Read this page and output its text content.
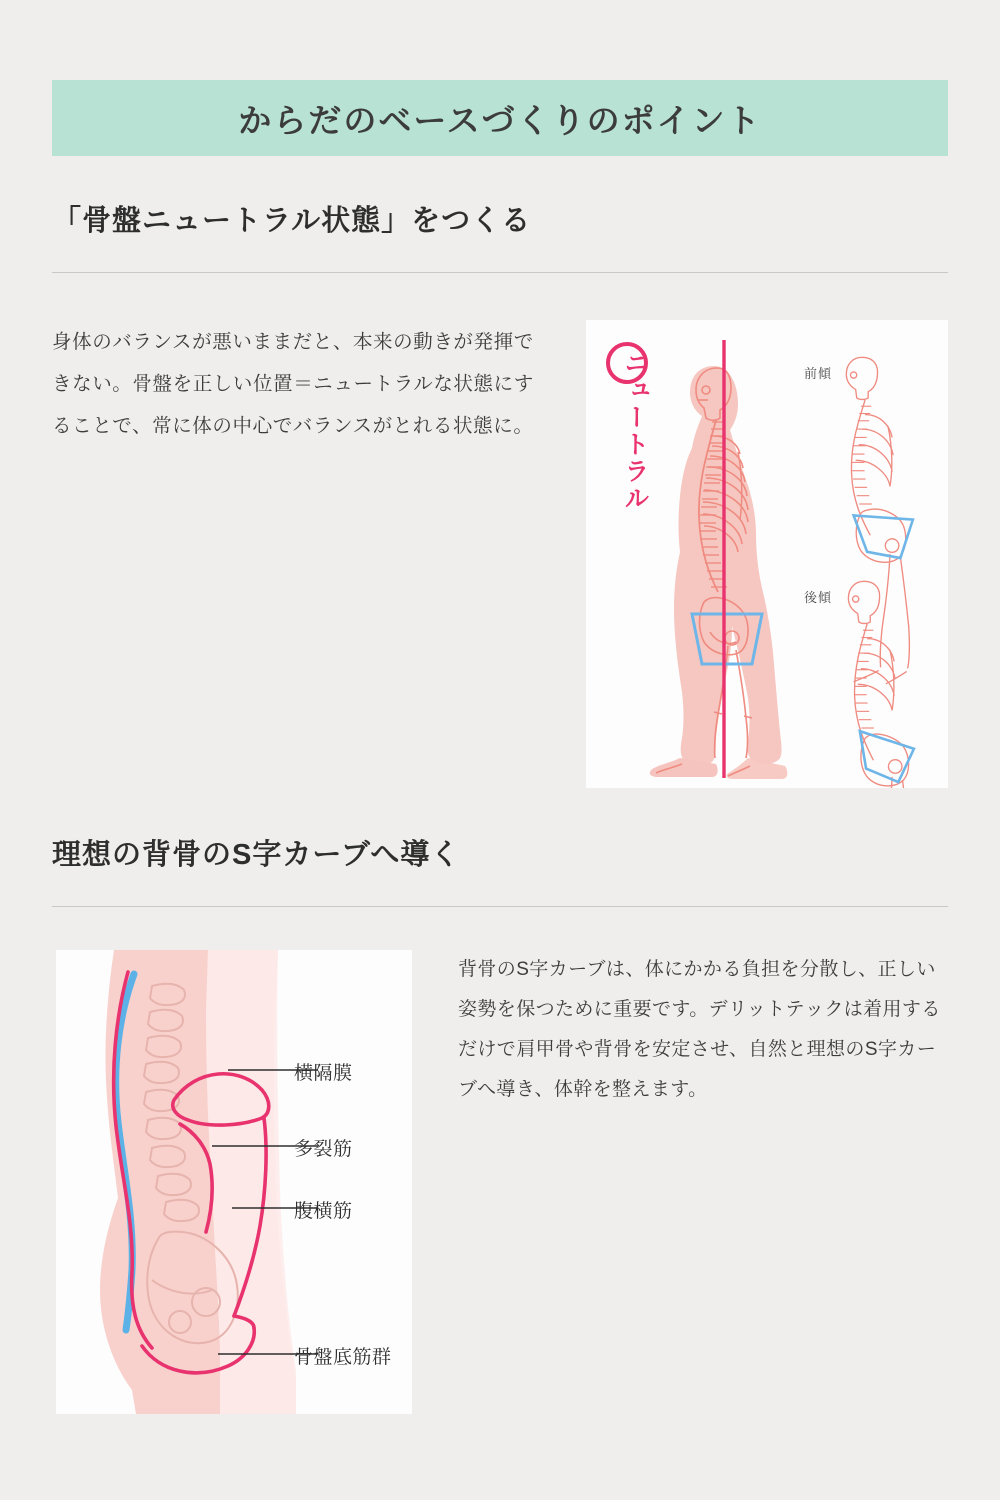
からだのベースづくりのポイント
「骨盤ニュートラル状態」をつくる
身体のバランスが悪いままだと、本来の動きが発揮できない。骨盤を正しい位置＝ニュートラルな状態にすることで、常に体の中心でバランスがとれる状態に。	ニュートラル	前傾
後傾
理想の背骨のS字カーブへ導く
横隔膜
多裂筋
腹横筋
骨盤底筋群
背骨のS字カーブは、体にかかる負担を分散し、正しい姿勢を保つために重要です。デリットテックは着用するだけで肩甲骨や背骨を安定させ、自然と理想のS字カーブへ導き、体幹を整えます。
